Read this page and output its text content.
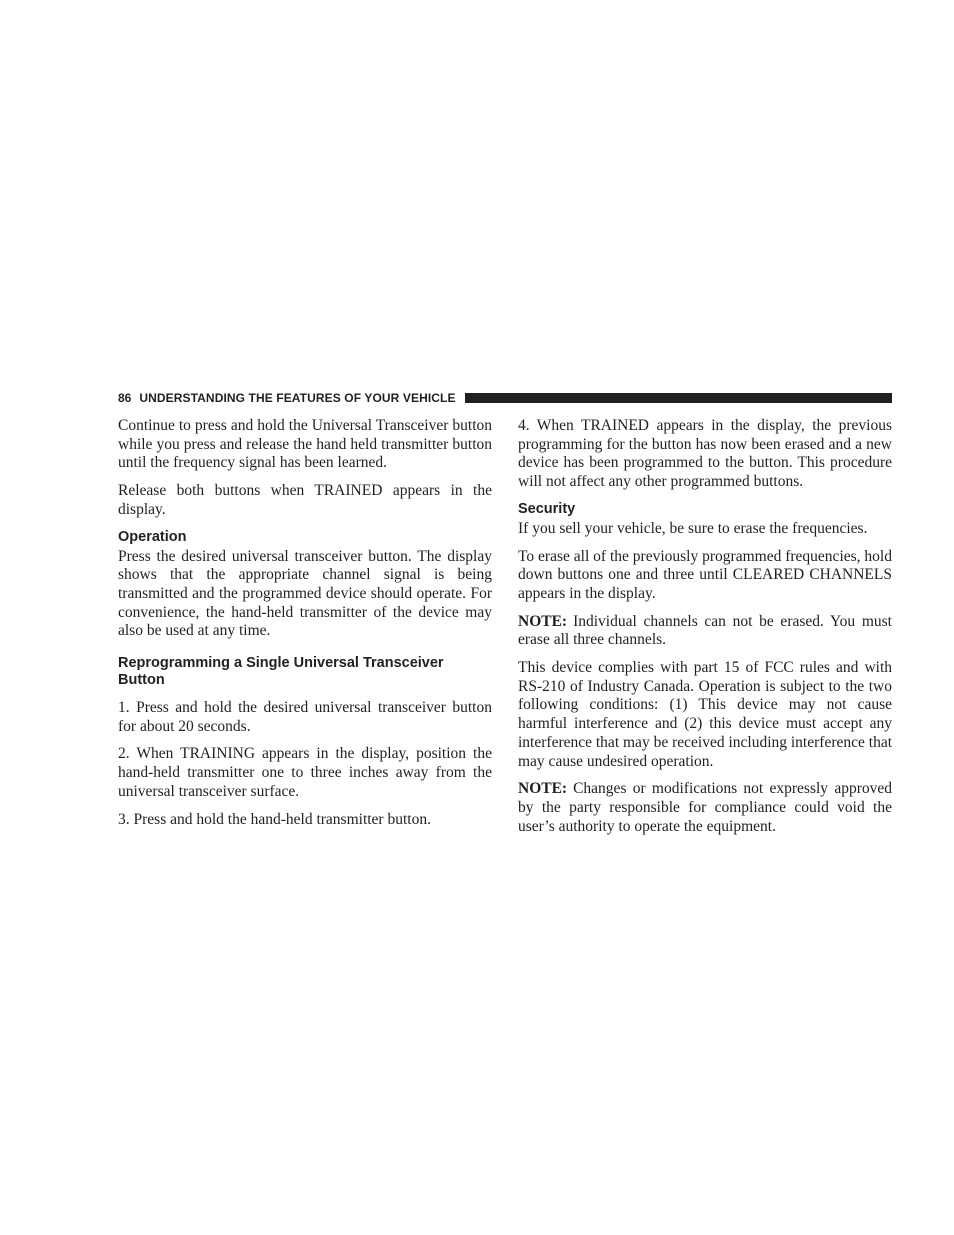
86 UNDERSTANDING THE FEATURES OF YOUR VEHICLE

Continue to press and hold the Universal Transceiver button while you press and release the hand held transmitter button until the frequency signal has been learned.

Release both buttons when TRAINED appears in the display.

Operation

Press the desired universal transceiver button. The display shows that the appropriate channel signal is being transmitted and the programmed device should operate. For convenience, the hand-held transmitter of the device may also be used at any time.

Reprogramming a Single Universal Transceiver Button

1. Press and hold the desired universal transceiver button for about 20 seconds.

2. When TRAINING appears in the display, position the hand-held transmitter one to three inches away from the universal transceiver surface.

3. Press and hold the hand-held transmitter button.

4. When TRAINED appears in the display, the previous programming for the button has now been erased and a new device has been programmed to the button. This procedure will not affect any other programmed buttons.

Security

If you sell your vehicle, be sure to erase the frequencies.

To erase all of the previously programmed frequencies, hold down buttons one and three until CLEARED CHANNELS appears in the display.

NOTE: Individual channels can not be erased. You must erase all three channels.

This device complies with part 15 of FCC rules and with RS-210 of Industry Canada. Operation is subject to the two following conditions: (1) This device may not cause harmful interference and (2) this device must accept any interference that may be received including interference that may cause undesired operation.

NOTE: Changes or modifications not expressly approved by the party responsible for compliance could void the user’s authority to operate the equipment.
